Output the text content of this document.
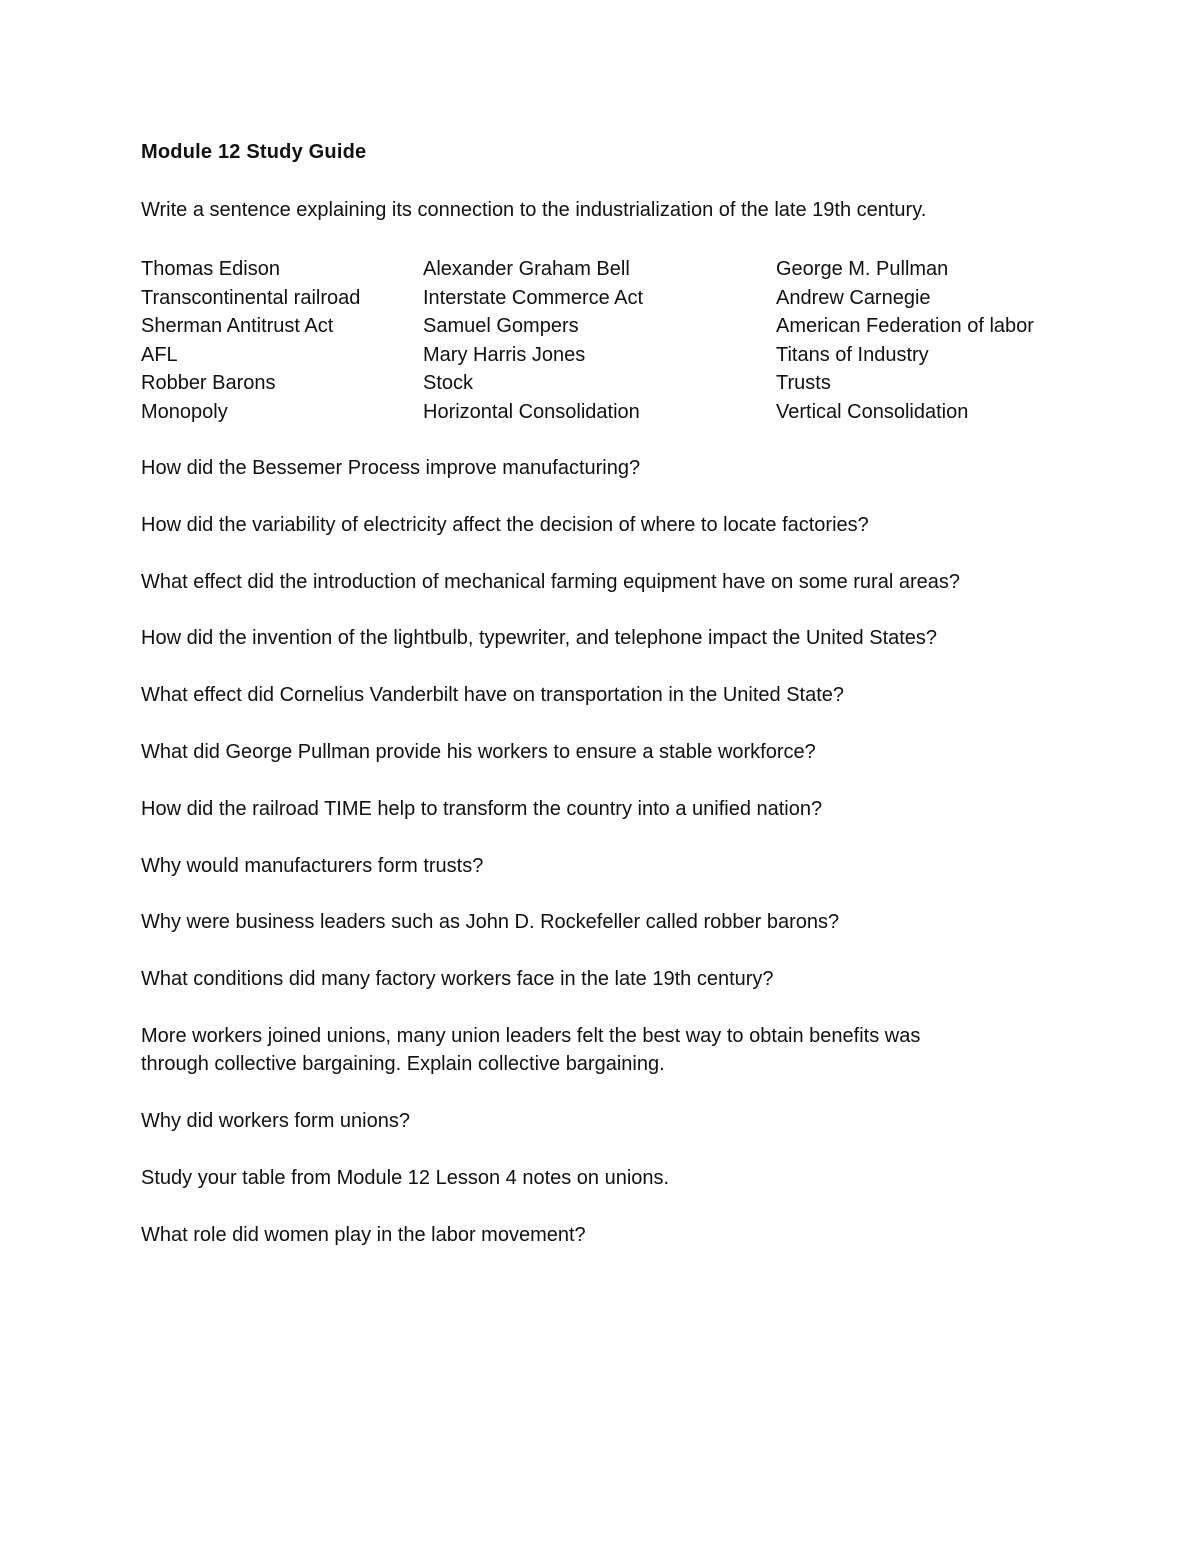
Module 12 Study Guide
Write a sentence explaining its connection to the industrialization of the late 19th century.
Thomas Edison	Alexander Graham Bell	George M. Pullman
Transcontinental railroad	Interstate Commerce Act	Andrew Carnegie
Sherman Antitrust Act	Samuel Gompers	American Federation of labor
AFL	Mary Harris Jones	Titans of Industry
Robber Barons	Stock	Trusts
Monopoly	Horizontal Consolidation	Vertical Consolidation
How did the Bessemer Process improve manufacturing?
How did the variability of electricity affect the decision of where to locate factories?
What effect did the introduction of mechanical farming equipment have on some rural areas?
How did the invention of the lightbulb, typewriter, and telephone impact the United States?
What effect did Cornelius Vanderbilt have on transportation in the United State?
What did George Pullman provide his workers to ensure a stable workforce?
How did the railroad TIME help to transform the country into a unified nation?
Why would manufacturers form trusts?
Why were business leaders such as John D. Rockefeller called robber barons?
What conditions did many factory workers face in the late 19th century?
More workers joined unions, many union leaders felt the best way to obtain benefits was
through collective bargaining. Explain collective bargaining.
Why did workers form unions?
Study your table from Module 12 Lesson 4 notes on unions.
What role did women play in the labor movement?
